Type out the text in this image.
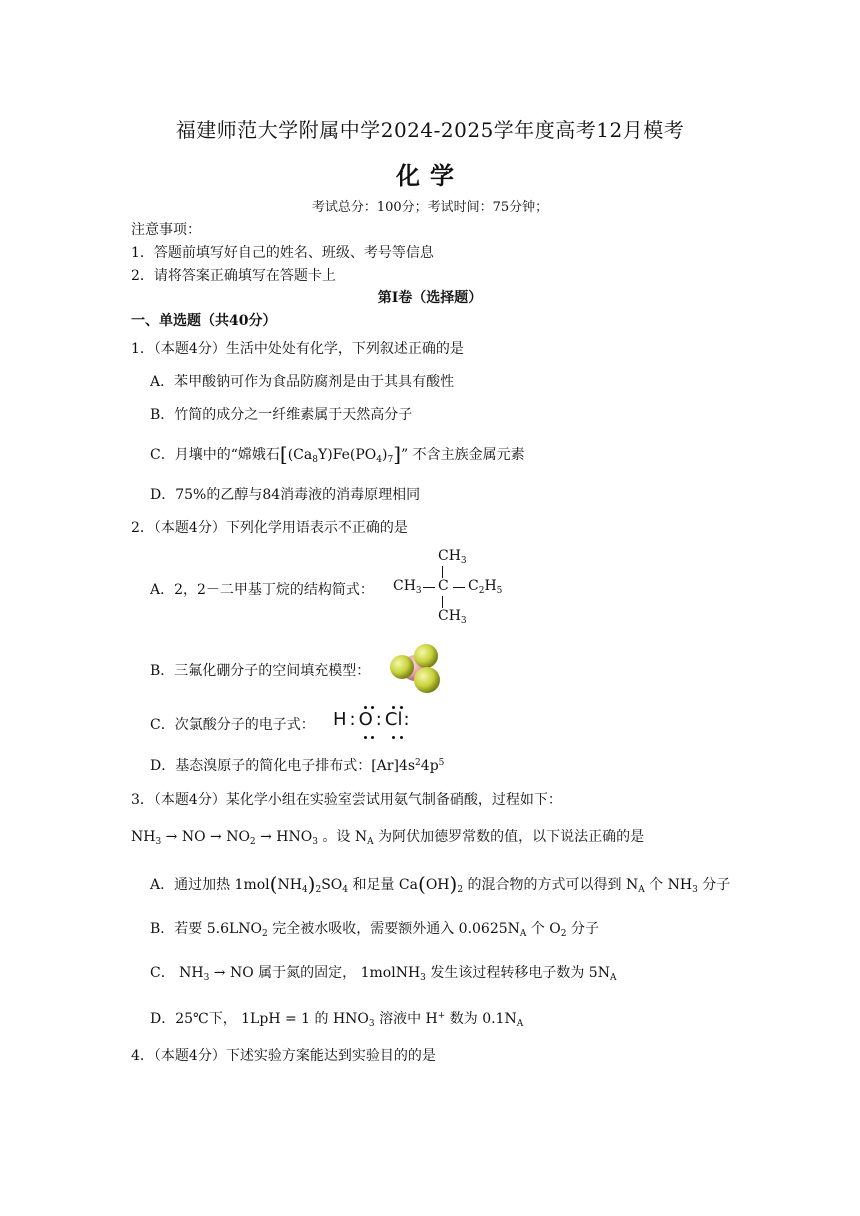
福建师范大学附属中学2024-2025学年度高考12月模考
化学
考试总分：100分；考试时间：75分钟；
注意事项：
1．答题前填写好自己的姓名、班级、考号等信息
2．请将答案正确填写在答题卡上
第Ⅰ卷（选择题）
一、单选题（共40分）
1．（本题4分）生活中处处有化学，下列叙述正确的是
A．苯甲酸钠可作为食品防腐剂是由于其具有酸性
B．竹简的成分之一纤维素属于天然高分子
C．月壤中的“嫦娥石$[(Ca_8Y)Fe(PO_4)_7]$” 不含主族金属元素
D．75%的乙醇与84消毒液的消毒原理相同
2．（本题4分）下列化学用语表示不正确的是
A．2，2－二甲基丁烷的结构简式：
$CH_3$
$CH_3$ C $C_2H_5$
$CH_3$
B．三氟化硼分子的空间填充模型：
C．次氯酸分子的电子式： H : O : Cl:
D．基态溴原子的简化电子排布式：$[Ar]4s^24p^5$
3．（本题4分）某化学小组在实验室尝试用氨气制备硝酸，过程如下：
$NH_3$ → NO → $NO_2 \to HNO_3$ 。设 $N_A$ 为阿伏加德罗常数的值，以下说法正确的是
A．通过加热 $1mol(NH_4)_2SO_4$ 和足量 $Ca(OH)_2$ 的混合物的方式可以得到 $N_A$ 个 $NH_3$ 分子
B．若要 $5.6LNO_2$ 完全被水吸收，需要额外通入 $0.0625N_A$ 个 $O_2$ 分子
C． $NH_3$ → NO 属于氮的固定， 1molNH$_3$ 发生该过程转移电子数为 $5N_A$
D．25℃下， 1LpH = 1 的 $HNO_3$ 溶液中 H+ 数为 $0.1N_A$
4．（本题4分）下述实验方案能达到实验目的的是
